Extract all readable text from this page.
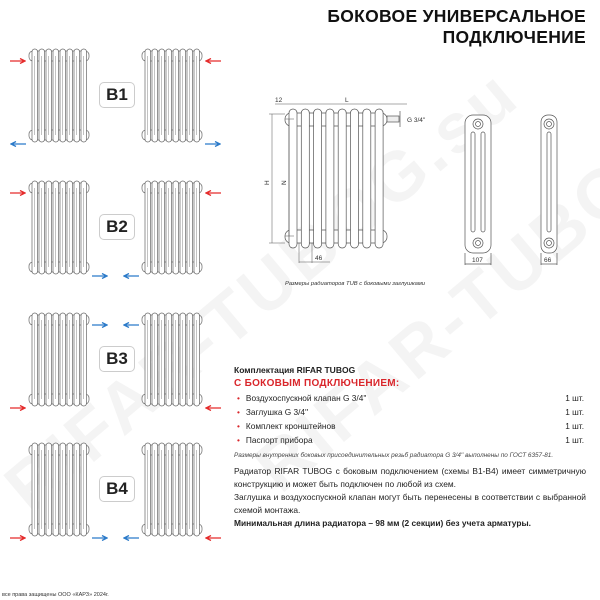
БОКОВОЕ УНИВЕРСАЛЬНОЕ
ПОДКЛЮЧЕНИЕ
B1
B2
B3
B4
12	L
G 3/4''
H N
46	107	66
Размеры радиаторов TUB с боковыми заглушками
Комплектация RIFAR TUBOG
С БОКОВЫМ ПОДКЛЮЧЕНИЕМ:
• Воздухоспускной клапан G 3/4''	1 шт.
• Заглушка G 3/4''	1 шт.
• Комплект кронштейнов	1 шт.
• Паспорт прибора	1 шт.
Размеры внутренних боковых присоединительных резьб радиатора G 3/4'' выполнены по ГОСТ 6357-81.
Радиатор RIFAR TUBOG с боковым подключением (схемы B1-B4) имеет симметричную конструкцию и может быть подключен по любой из схем.
Заглушка и воздухоспускной клапан могут быть перенесены в соответствии с выбранной схемой монтажа.
Минимальная длина радиатора – 98 мм (2 секции) без учета арматуры.
все права защищены ООО «КАРЗ» 2024г.
